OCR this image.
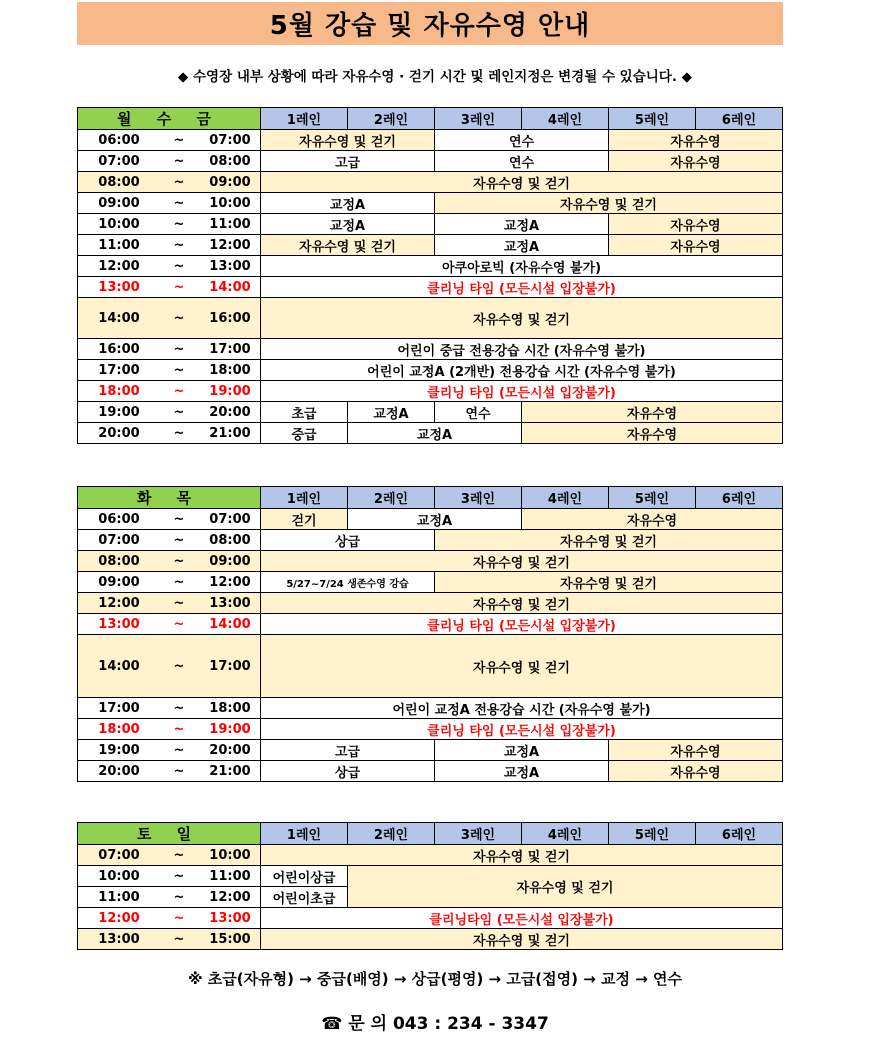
5월 강습 및 자유수영 안내
◆ 수영장 내부 상황에 따라 자유수영 · 걷기 시간 및 레인지정은 변경될 수 있습니다. ◆
월 수 금	1레인	2레인	3레인	4레인	5레인	6레인

06:00 ~ 07:00	자유수영 및 걷기		연수		자유수영	

07:00 ~ 08:00	고급		연수		자유수영	

08:00 ~ 09:00	자유수영 및 걷기					

09:00 ~ 10:00	교정A		자유수영 및 걷기			

10:00 ~ 11:00	교정A		교정A		자유수영	

11:00 ~ 12:00	자유수영 및 걷기		교정A		자유수영	

12:00 ~ 13:00	아쿠아로빅 (자유수영 불가)					

13:00 ~ 14:00	클리닝 타임 (모든시설 입장불가)					

14:00 ~ 16:00	자유수영 및 걷기					

16:00 ~ 17:00	어린이 중급 전용강습 시간 (자유수영 불가)					

17:00 ~ 18:00	어린이 교정A (2개반) 전용강습 시간 (자유수영 불가)					

18:00 ~ 19:00	클리닝 타임 (모든시설 입장불가)					

19:00 ~ 20:00	초급	교정A	연수	자유수영		

20:00 ~ 21:00	중급	교정A		자유수영		
화 목	1레인	2레인	3레인	4레인	5레인	6레인

06:00 ~ 07:00	걷기	교정A		자유수영		

07:00 ~ 08:00	상급		자유수영 및 걷기			

08:00 ~ 09:00	자유수영 및 걷기					

09:00 ~ 12:00	5/27~7/24 생존수영 강습		자유수영 및 걷기			

12:00 ~ 13:00	자유수영 및 걷기					

13:00 ~ 14:00	클리닝 타임 (모든시설 입장불가)					

14:00 ~ 17:00	자유수영 및 걷기					

17:00 ~ 18:00	어린이 교정A 전용강습 시간 (자유수영 불가)					

18:00 ~ 19:00	클리닝 타임 (모든시설 입장불가)					

19:00 ~ 20:00	고급		교정A		자유수영	

20:00 ~ 21:00	상급		교정A		자유수영	
토 일	1레인	2레인	3레인	4레인	5레인	6레인

07:00 ~ 10:00	자유수영 및 걷기					

10:00 ~ 11:00	어린이상급	자유수영 및 걷기				

11:00 ~ 12:00	어린이초급					

12:00 ~ 13:00	클리닝타임 (모든시설 입장불가)					

13:00 ~ 15:00	자유수영 및 걷기					
※ 초급(자유형) → 중급(배영) → 상급(평영) → 고급(접영) → 교정 → 연수
☎ 문 의 043 : 234 - 3347
